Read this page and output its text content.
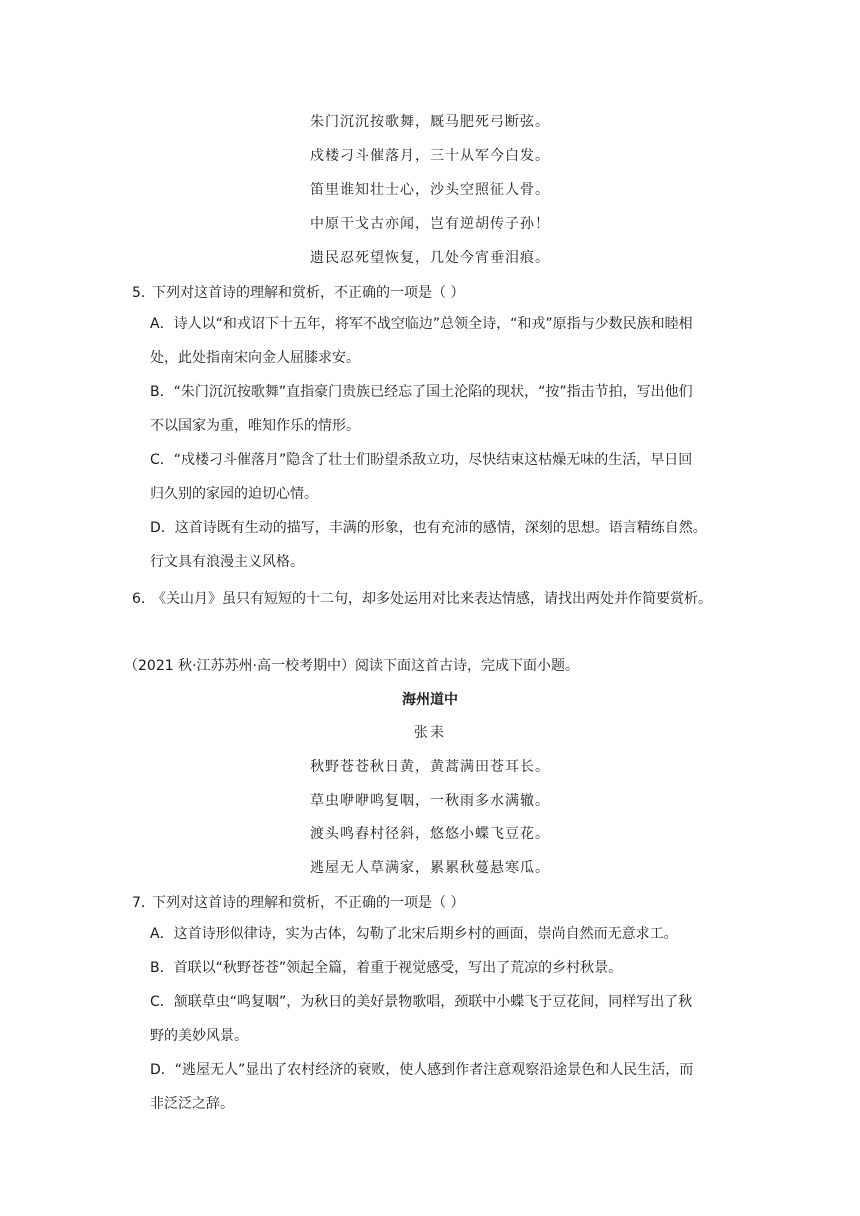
朱门沉沉按歌舞，厩马肥死弓断弦。
戍楼刁斗催落月，三十从军今白发。
笛里谁知壮士心，沙头空照征人骨。
中原干戈古亦闻，岂有逆胡传子孙！
遗民忍死望恢复，几处今宵垂泪痕。
5．下列对这首诗的理解和赏析，不正确的一项是（ ）
A．诗人以“和戎诏下十五年，将军不战空临边”总领全诗，“和戎”原指与少数民族和睦相
处，此处指南宋向金人屈膝求安。
B．“朱门沉沉按歌舞”直指豪门贵族已经忘了国土沦陷的现状，“按”指击节拍，写出他们
不以国家为重，唯知作乐的情形。
C．“戍楼刁斗催落月”隐含了壮士们盼望杀敌立功，尽快结束这枯燥无味的生活，早日回
归久别的家园的迫切心情。
D．这首诗既有生动的描写，丰满的形象，也有充沛的感情，深刻的思想。语言精练自然。
行文具有浪漫主义风格。
6．《关山月》虽只有短短的十二句，却多处运用对比来表达情感，请找出两处并作简要赏析。
（2021 秋·江苏苏州·高一校考期中）阅读下面这首古诗，完成下面小题。
海州道中
张耒
秋野苍苍秋日黄，黄蒿满田苍耳长。
草虫咿咿鸣复咽，一秋雨多水满辙。
渡头鸣舂村径斜，悠悠小蝶飞豆花。
逃屋无人草满家，累累秋蔓悬寒瓜。
7．下列对这首诗的理解和赏析，不正确的一项是（ ）
A．这首诗形似律诗，实为古体，勾勒了北宋后期乡村的画面，崇尚自然而无意求工。
B．首联以“秋野苍苍”领起全篇，着重于视觉感受，写出了荒凉的乡村秋景。
C．颔联草虫“鸣复咽”，为秋日的美好景物歌唱，颈联中小蝶飞于豆花间，同样写出了秋
野的美妙风景。
D．“逃屋无人”显出了农村经济的衰败，使人感到作者注意观察沿途景色和人民生活，而
非泛泛之辞。
